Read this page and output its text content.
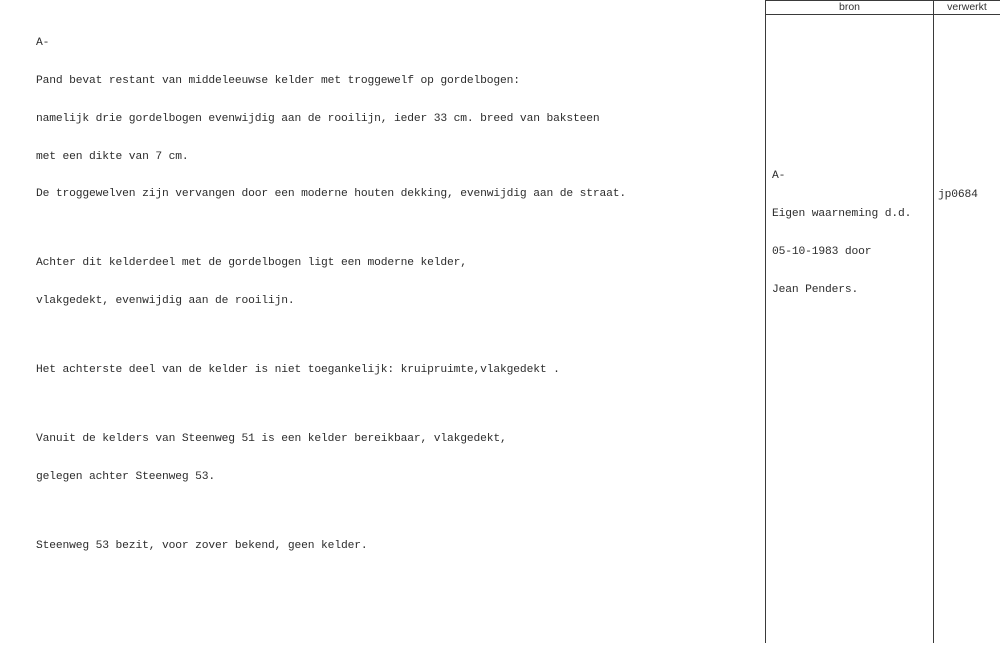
bron	verwerkt

A-

Pand bevat restant van middeleeuwse kelder met troggewelf op gordelbogen:

namelijk drie gordelbogen evenwijdig aan de rooilijn, ieder 33 cm. breed van baksteen

met een dikte van 7 cm.

De troggewelven zijn vervangen door een moderne houten dekking, evenwijdig aan de straat.

Achter dit kelderdeel met de gordelbogen ligt een moderne kelder,

vlakgedekt, evenwijdig aan de rooilijn.

Het achterste deel van de kelder is niet toegankelijk: kruipruimte,vlakgedekt .

Vanuit de kelders van Steenweg 51 is een kelder bereikbaar, vlakgedekt,

gelegen achter Steenweg 53.

Steenweg 53 bezit, voor zover bekend, geen kelder.

A-

Eigen waarneming d.d.

05-10-1983 door

Jean Penders.

jp0684
